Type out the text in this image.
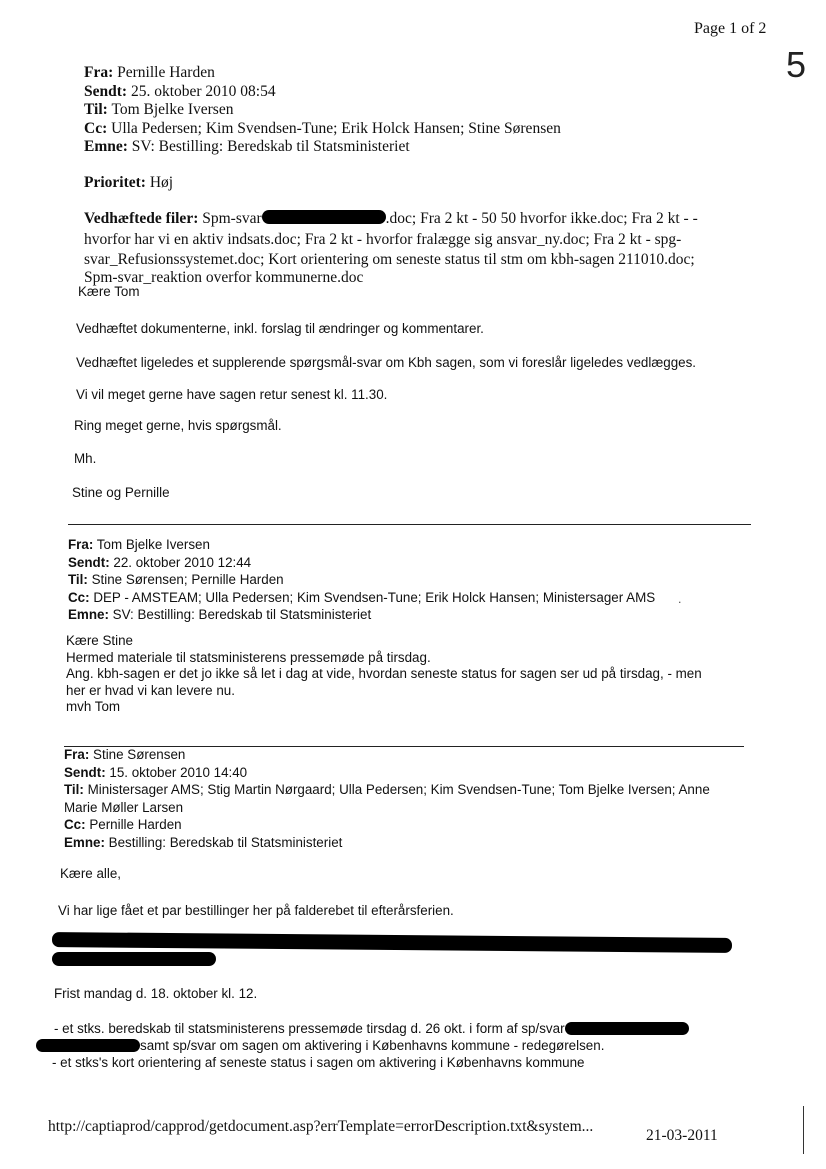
Page 1 of 2
5
Fra: Pernille Harden
Sendt: 25. oktober 2010 08:54
Til: Tom Bjelke Iversen
Cc: Ulla Pedersen; Kim Svendsen-Tune; Erik Holck Hansen; Stine Sørensen
Emne: SV: Bestilling: Beredskab til Statsministeriet
Prioritet: Høj
Vedhæftede filer: Spm-svar	.doc; Fra 2 kt - 50 50 hvorfor ikke.doc; Fra 2 kt - -
hvorfor har vi en aktiv indsats.doc; Fra 2 kt - hvorfor fralægge sig ansvar_ny.doc; Fra 2 kt - spg-
svar_Refusionssystemet.doc; Kort orientering om seneste status til stm om kbh-sagen 211010.doc;
Spm-svar_reaktion overfor kommunerne.doc
Kære Tom
Vedhæftet dokumenterne, inkl. forslag til ændringer og kommentarer.
Vedhæftet ligeledes et supplerende spørgsmål-svar om Kbh sagen, som vi foreslår ligeledes vedlægges.
Vi vil meget gerne have sagen retur senest kl. 11.30.
Ring meget gerne, hvis spørgsmål.
Mh.
Stine og Pernille
Fra: Tom Bjelke Iversen
Sendt: 22. oktober 2010 12:44
Til: Stine Sørensen; Pernille Harden
Cc: DEP - AMSTEAM; Ulla Pedersen; Kim Svendsen-Tune; Erik Holck Hansen; Ministersager AMS
Emne: SV: Bestilling: Beredskab til Statsministeriet
Kære Stine
Hermed materiale til statsministerens pressemøde på tirsdag.
Ang. kbh-sagen er det jo ikke så let i dag at vide, hvordan seneste status for sagen ser ud på tirsdag, - men
her er hvad vi kan levere nu.
mvh Tom
Fra: Stine Sørensen
Sendt: 15. oktober 2010 14:40
Til: Ministersager AMS; Stig Martin Nørgaard; Ulla Pedersen; Kim Svendsen-Tune; Tom Bjelke Iversen; Anne
Marie Møller Larsen
Cc: Pernille Harden
Emne: Bestilling: Beredskab til Statsministeriet
Kære alle,
Vi har lige fået et par bestillinger her på falderebet til efterårsferien.
Frist mandag d. 18. oktober kl. 12.
- et stks. beredskab til statsministerens pressemøde tirsdag d. 26 okt. i form af sp/svar
samt sp/svar om sagen om aktivering i Københavns kommune - redegørelsen.
- et stks's kort orientering af seneste status i sagen om aktivering i Københavns kommune
http://captiaprod/capprod/getdocument.asp?errTemplate=errorDescription.txt&system...
21-03-2011
·
